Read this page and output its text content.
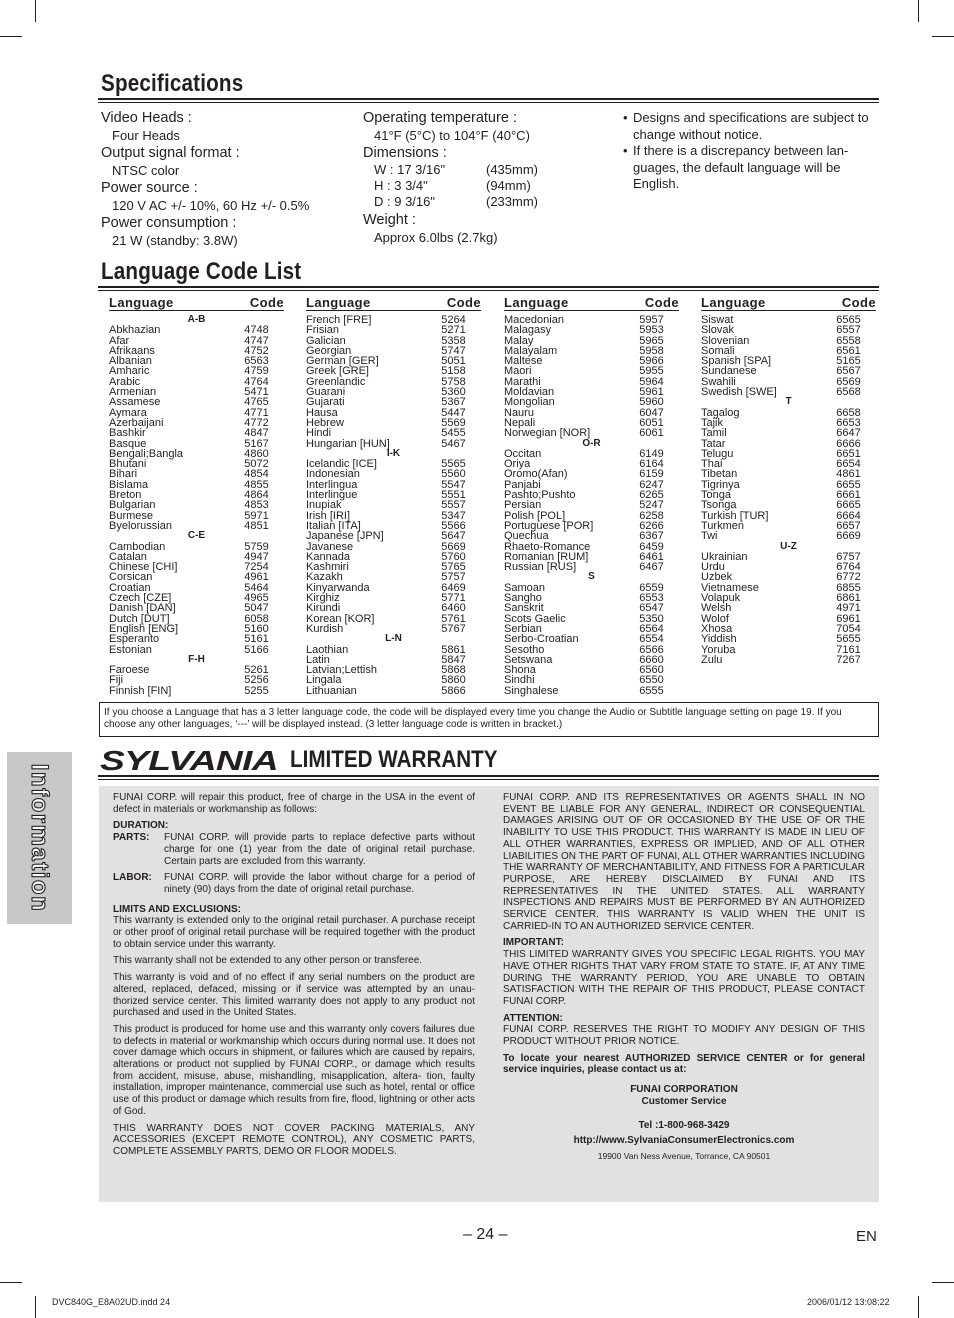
Specifications
Video Heads :
Four Heads
Output signal format :
NTSC color
Power source :
120 V AC +/- 10%, 60 Hz +/- 0.5%
Power consumption :
21 W (standby: 3.8W)
Operating temperature :
41°F (5°C) to 104°F (40°C)
Dimensions :
W : 17 3/16"	(435mm)
H : 3 3/4"	(94mm)
D : 9 3/16"	(233mm)
Weight :
Approx 6.0lbs (2.7kg)
• Designs and specifications are subject to change without notice.
• If there is a discrepancy between lan- guages, the default language will be English.
Language Code List
Language	Code
A-B
Abkhazian	4748
Afar	4747
Afrikaans	4752
Albanian	6563
Amharic	4759
Arabic	4764
Armenian	5471
Assamese	4765
Aymara	4771
Azerbaijani	4772
Bashkir	4847
Basque	5167
Bengali;Bangla	4860
Bhutani	5072
Bihari	4854
Bislama	4855
Breton	4864
Bulgarian	4853
Burmese	5971
Byelorussian	4851
C-E
Cambodian	5759
Catalan	4947
Chinese [CHI]	7254
Corsican	4961
Croatian	5464
Czech [CZE]	4965
Danish [DAN]	5047
Dutch [DUT]	6058
English [ENG]	5160
Esperanto	5161
Estonian	5166
F-H
Faroese	5261
Fiji	5256
Finnish [FIN]	5255
Language	Code
French [FRE]	5264
Frisian	5271
Galician	5358
Georgian	5747
German [GER]	5051
Greek [GRE]	5158
Greenlandic	5758
Guarani	5360
Gujarati	5367
Hausa	5447
Hebrew	5569
Hindi	5455
Hungarian [HUN]	5467
I-K
Icelandic [ICE]	5565
Indonesian	5560
Interlingua	5547
Interlingue	5551
Inupiak	5557
Irish [IRI]	5347
Italian [ITA]	5566
Japanese [JPN]	5647
Javanese	5669
Kannada	5760
Kashmiri	5765
Kazakh	5757
Kinyarwanda	6469
Kirghiz	5771
Kirundi	6460
Korean [KOR]	5761
Kurdish	5767
L-N
Laothian	5861
Latin	5847
Latvian;Lettish	5868
Lingala	5860
Lithuanian	5866
Language	Code
Macedonian	5957
Malagasy	5953
Malay	5965
Malayalam	5958
Maltese	5966
Maori	5955
Marathi	5964
Moldavian	5961
Mongolian	5960
Nauru	6047
Nepali	6051
Norwegian [NOR]	6061
O-R
Occitan	6149
Oriya	6164
Oromo(Afan)	6159
Panjabi	6247
Pashto;Pushto	6265
Persian	5247
Polish [POL]	6258
Portuguese [POR]	6266
Quechua	6367
Rhaeto-Romance	6459
Romanian [RUM]	6461
Russian [RUS]	6467
S
Samoan	6559
Sangho	6553
Sanskrit	6547
Scots Gaelic	5350
Serbian	6564
Serbo-Croatian	6554
Sesotho	6566
Setswana	6660
Shona	6560
Sindhi	6550
Singhalese	6555
Language	Code
Siswat	6565
Slovak	6557
Slovenian	6558
Somali	6561
Spanish [SPA]	5165
Sundanese	6567
Swahili	6569
Swedish [SWE]	6568
T
Tagalog	6658
Tajik	6653
Tamil	6647
Tatar	6666
Telugu	6651
Thai	6654
Tibetan	4861
Tigrinya	6655
Tonga	6661
Tsonga	6665
Turkish [TUR]	6664
Turkmen	6657
Twi	6669
U-Z
Ukrainian	6757
Urdu	6764
Uzbek	6772
Vietnamese	6855
Volapuk	6861
Welsh	4971
Wolof	6961
Xhosa	7054
Yiddish	5655
Yoruba	7161
Zulu	7267
If you choose a Language that has a 3 letter language code, the code will be displayed every time you change the Audio or Subtitle language setting on page 19. If you choose any other languages, ‘---’ will be displayed instead. (3 letter language code is written in bracket.)
SYLVANIA LIMITED WARRANTY

FUNAI CORP. will repair this product, free of charge in the USA in the event of defect in materials or workmanship as follows:

DURATION:
PARTS:	FUNAI CORP. will provide parts to replace defective parts without charge for one (1) year from the date of original retail purchase. Certain parts are excluded from this warranty.
LABOR:	FUNAI CORP. will provide the labor without charge for a period of ninety (90) days from the date of original retail purchase.
LIMITS AND EXCLUSIONS:

This warranty is extended only to the original retail purchaser. A purchase receipt or other proof of original retail purchase will be required together with the product to obtain service under this warranty.

This warranty shall not be extended to any other person or transferee.

This warranty is void and of no effect if any serial numbers on the product are altered, replaced, defaced, missing or if service was attempted by an unau- thorized service center. This limited warranty does not apply to any product not purchased and used in the United States.

This product is produced for home use and this warranty only covers failures due to defects in material or workmanship which occurs during normal use. It does not cover damage which occurs in shipment, or failures which are caused by repairs, alterations or product not supplied by FUNAI CORP., or damage which results from accident, misuse, abuse, mishandling, misapplication, altera- tion, faulty installation, improper maintenance, commercial use such as hotel, rental or office use of this product or damage which results from fire, flood, lightning or other acts of God.

THIS WARRANTY DOES NOT COVER PACKING MATERIALS, ANY ACCESSORIES (EXCEPT REMOTE CONTROL), ANY COSMETIC PARTS, COMPLETE ASSEMBLY PARTS, DEMO OR FLOOR MODELS.

FUNAI CORP. AND ITS REPRESENTATIVES OR AGENTS SHALL IN NO EVENT BE LIABLE FOR ANY GENERAL, INDIRECT OR CONSEQUENTIAL DAMAGES ARISING OUT OF OR OCCASIONED BY THE USE OF OR THE INABILITY TO USE THIS PRODUCT. THIS WARRANTY IS MADE IN LIEU OF ALL OTHER WARRANTIES, EXPRESS OR IMPLIED, AND OF ALL OTHER LIABILITIES ON THE PART OF FUNAI, ALL OTHER WARRANTIES INCLUDING THE WARRANTY OF MERCHANTABILITY, AND FITNESS FOR A PARTICULAR PURPOSE, ARE HEREBY DISCLAIMED BY FUNAI AND ITS REPRESENTATIVES IN THE UNITED STATES. ALL WARRANTY INSPECTIONS AND REPAIRS MUST BE PERFORMED BY AN AUTHORIZED SERVICE CENTER. THIS WARRANTY IS VALID WHEN THE UNIT IS CARRIED-IN TO AN AUTHORIZED SERVICE CENTER.

IMPORTANT:

THIS LIMITED WARRANTY GIVES YOU SPECIFIC LEGAL RIGHTS. YOU MAY HAVE OTHER RIGHTS THAT VARY FROM STATE TO STATE. IF, AT ANY TIME DURING THE WARRANTY PERIOD, YOU ARE UNABLE TO OBTAIN SATISFACTION WITH THE REPAIR OF THIS PRODUCT, PLEASE CONTACT FUNAI CORP.

ATTENTION:

FUNAI CORP. RESERVES THE RIGHT TO MODIFY ANY DESIGN OF THIS PRODUCT WITHOUT PRIOR NOTICE.

To locate your nearest AUTHORIZED SERVICE CENTER or for general service inquiries, please contact us at:

FUNAI CORPORATION
Customer Service
Tel :1-800-968-3429
http://www.SylvaniaConsumerElectronics.com
19900 Van Ness Avenue, Torrance, CA 90501
Information
– 24 –	EN
DVC840G_E8A02UD.indd 24	2006/01/12 13:08:22
